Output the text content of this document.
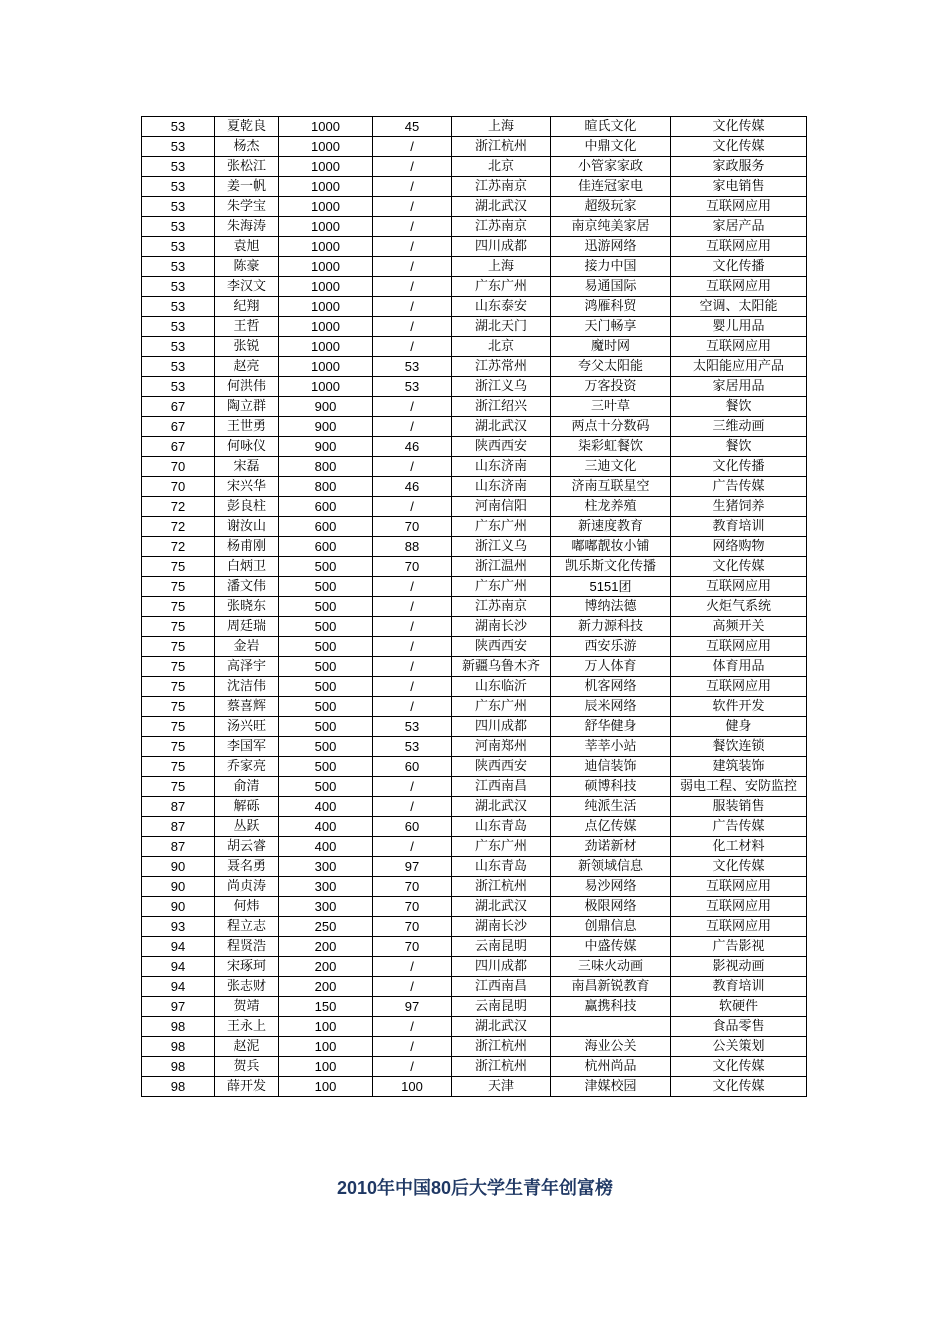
53	夏乾良	1000	45	上海	暄氏文化	文化传媒
53	杨杰	1000	/	浙江杭州	中鼎文化	文化传媒
53	张松江	1000	/	北京	小管家家政	家政服务
53	姜一帆	1000	/	江苏南京	佳连冠家电	家电销售
53	朱学宝	1000	/	湖北武汉	超级玩家	互联网应用
53	朱海涛	1000	/	江苏南京	南京纯美家居	家居产品
53	袁旭	1000	/	四川成都	迅游网络	互联网应用
53	陈豪	1000	/	上海	接力中国	文化传播
53	李汉文	1000	/	广东广州	易通国际	互联网应用
53	纪翔	1000	/	山东泰安	鸿雁科贸	空调、太阳能
53	王哲	1000	/	湖北天门	天门畅享	婴儿用品
53	张锐	1000	/	北京	魔时网	互联网应用
53	赵亮	1000	53	江苏常州	夸父太阳能	太阳能应用产品
53	何洪伟	1000	53	浙江义乌	万客投资	家居用品
67	陶立群	900	/	浙江绍兴	三叶草	餐饮
67	王世勇	900	/	湖北武汉	两点十分数码	三维动画
67	何咏仪	900	46	陕西西安	柒彩虹餐饮	餐饮
70	宋磊	800	/	山东济南	三迪文化	文化传播
70	宋兴华	800	46	山东济南	济南互联星空	广告传媒
72	彭良柱	600	/	河南信阳	柱龙养殖	生猪饲养
72	谢汝山	600	70	广东广州	新速度教育	教育培训
72	杨甫刚	600	88	浙江义乌	嘟嘟靓妆小铺	网络购物
75	白炳卫	500	70	浙江温州	凯乐斯文化传播	文化传媒
75	潘文伟	500	/	广东广州	5151团	互联网应用
75	张晓东	500	/	江苏南京	博纳法德	火炬气系统
75	周廷瑞	500	/	湖南长沙	新力源科技	高频开关
75	金岩	500	/	陕西西安	西安乐游	互联网应用
75	高泽宇	500	/	新疆乌鲁木齐	万人体育	体育用品
75	沈洁伟	500	/	山东临沂	机客网络	互联网应用
75	蔡喜辉	500	/	广东广州	辰米网络	软件开发
75	汤兴旺	500	53	四川成都	舒华健身	健身
75	李国军	500	53	河南郑州	莘莘小站	餐饮连锁
75	乔家亮	500	60	陕西西安	迪信装饰	建筑装饰
75	俞清	500	/	江西南昌	硕博科技	弱电工程、安防监控
87	解砾	400	/	湖北武汉	纯派生活	服装销售
87	丛跃	400	60	山东青岛	点亿传媒	广告传媒
87	胡云睿	400	/	广东广州	劲诺新材	化工材料
90	聂名勇	300	97	山东青岛	新领域信息	文化传媒
90	尚贞涛	300	70	浙江杭州	易沙网络	互联网应用
90	何炜	300	70	湖北武汉	极限网络	互联网应用
93	程立志	250	70	湖南长沙	创鼎信息	互联网应用
94	程贤浩	200	70	云南昆明	中盛传媒	广告影视
94	宋琢珂	200	/	四川成都	三味火动画	影视动画
94	张志财	200	/	江西南昌	南昌新锐教育	教育培训
97	贺靖	150	97	云南昆明	赢携科技	软硬件
98	王永上	100	/	湖北武汉		食品零售
98	赵泥	100	/	浙江杭州	海业公关	公关策划
98	贺兵	100	/	浙江杭州	杭州尚品	文化传媒
98	薛开发	100	100	天津	津媒校园	文化传媒
2010年中国80后大学生青年创富榜
